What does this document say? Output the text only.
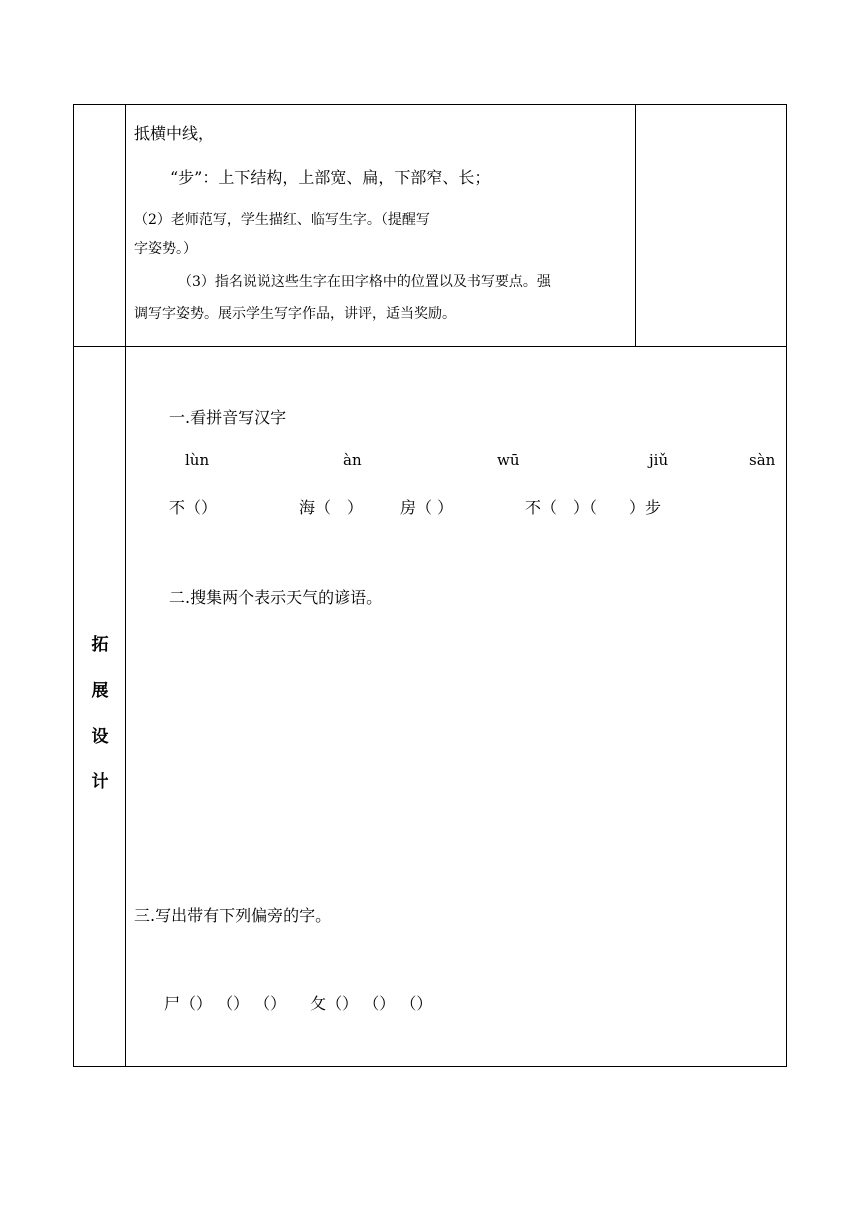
抵横中线，
“步”：上下结构，上部宽、扁，下部窄、长；
（2）老师范写，学生描红、临写生字。（提醒写
字姿势。）
（3）指名说说这些生字在田字格中的位置以及书写要点。强
调写字姿势。展示学生写字作品，讲评，适当奖励。
拓
展
设
计
一.看拼音写汉字
lùn	àn	wū	jiǔ	sàn
不（）	海（　） 房（ ）	不（　）（　　）步
二.搜集两个表示天气的谚语。
三.写出带有下列偏旁的字。
尸（） （） （）　　攵（） （） （）
